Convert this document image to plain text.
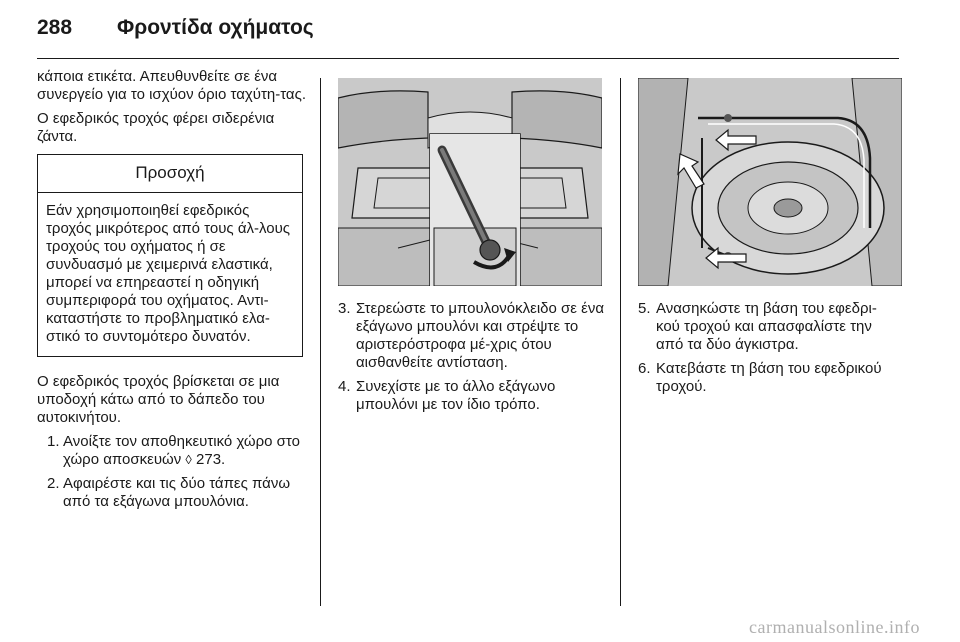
288 Φροντίδα οχήματος

κάποια ετικέτα. Απευθυνθείτε σε ένα συνεργείο για το ισχύον όριο ταχύτη-τας.

Ο εφεδρικός τροχός φέρει σιδερένια ζάντα.

Προσοχή
Εάν χρησιμοποιηθεί εφεδρικός τροχός μικρότερος από τους άλ-λους τροχούς του οχήματος ή σε συνδυασμό με χειμερινά ελαστικά, μπορεί να επηρεαστεί η οδηγική συμπεριφορά του οχήματος. Αντι-καταστήστε το προβληματικό ελα-στικό το συντομότερο δυνατόν.

Ο εφεδρικός τροχός βρίσκεται σε μια υποδοχή κάτω από το δάπεδο του αυτοκινήτου.

1. Ανοίξτε τον αποθηκευτικό χώρο στο χώρο αποσκευών ◊ 273.
2. Αφαιρέστε και τις δύο τάπες πάνω από τα εξάγωνα μπουλόνια.
3. Στερεώστε το μπουλονόκλειδο σε ένα εξάγωνο μπουλόνι και στρέψτε το αριστερόστροφα μέ-χρις ότου αισθανθείτε αντίσταση.
4. Συνεχίστε με το άλλο εξάγωνο μπουλόνι με τον ίδιο τρόπο.
5. Ανασηκώστε τη βάση του εφεδρι-κού τροχού και απασφαλίστε την από τα δύο άγκιστρα.
6. Κατεβάστε τη βάση του εφεδρικού τροχού.
carmanualsonline.info
